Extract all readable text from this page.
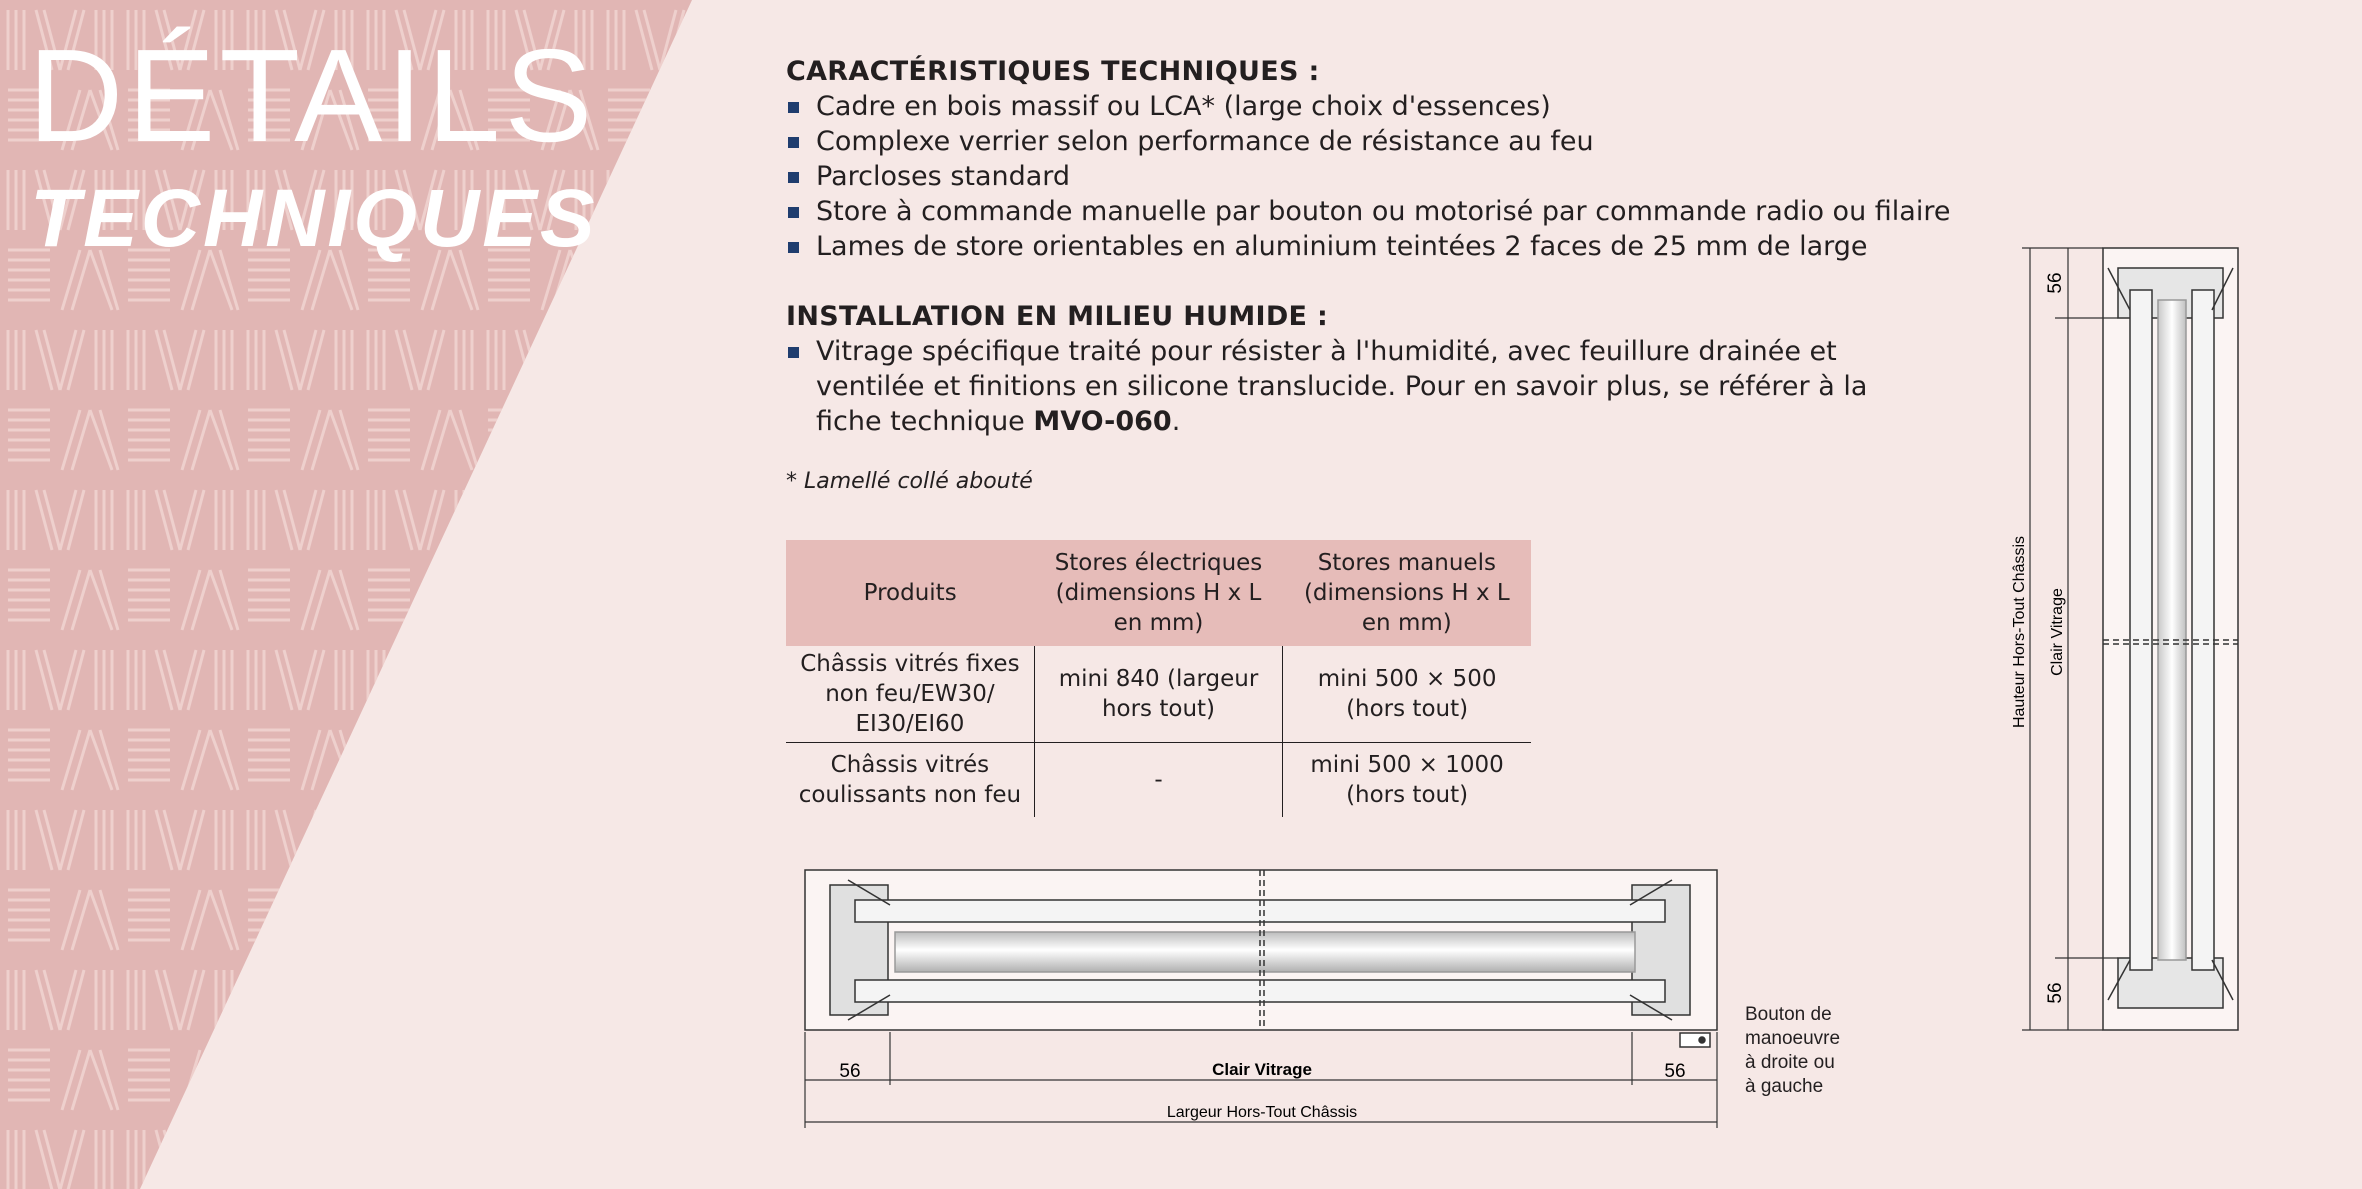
DÉTAILS
TECHNIQUES
CARACTÉRISTIQUES TECHNIQUES :
Cadre en bois massif ou LCA* (large choix d'essences)
Complexe verrier selon performance de résistance au feu
Parcloses standard
Store à commande manuelle par bouton ou motorisé par commande radio ou filaire
Lames de store orientables en aluminium teintées 2 faces de 25 mm de large
INSTALLATION EN MILIEU HUMIDE :
Vitrage spécifique traité pour résister à l'humidité, avec feuillure drainée et ventilée et finitions en silicone translucide. Pour en savoir plus, se référer à la fiche technique MVO-060.
* Lamellé collé abouté
Produits	Stores électriques (dimensions H x L en mm)	Stores manuels (dimensions H x L en mm)
Châssis vitrés fixes non feu/EW30/ EI30/EI60	mini 840 (largeur hors tout)	mini 500 × 500 (hors tout)
Châssis vitrés coulissants non feu	-	mini 500 × 1000 (hors tout)
56	Clair Vitrage	56
Largeur Hors-Tout Châssis
56
56
Clair Vitrage
Hauteur Hors-Tout Châssis
Bouton de
manoeuvre
à droite ou
à gauche
